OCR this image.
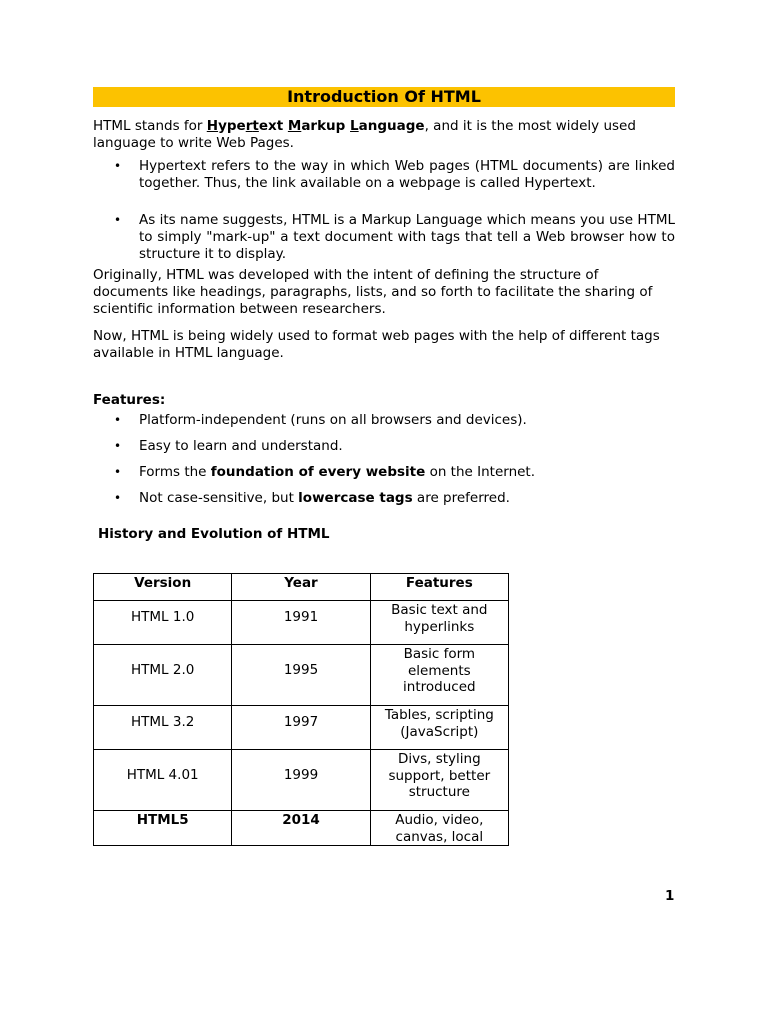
Introduction Of HTML

HTML stands for Hypertext Markup Language, and it is the most widely used language to write Web Pages.

• Hypertext refers to the way in which Web pages (HTML documents) are linked together. Thus, the link available on a webpage is called Hypertext.
• As its name suggests, HTML is a Markup Language which means you use HTML to simply "mark-up" a text document with tags that tell a Web browser how to structure it to display.

Originally, HTML was developed with the intent of defining the structure of documents like headings, paragraphs, lists, and so forth to facilitate the sharing of scientific information between researchers.

Now, HTML is being widely used to format web pages with the help of different tags available in HTML language.

Features:

• Platform-independent (runs on all browsers and devices).
• Easy to learn and understand.
• Forms the foundation of every website on the Internet.
• Not case-sensitive, but lowercase tags are preferred.

History and Evolution of HTML

Version	Year	Features
HTML 1.0	1991	Basic text and hyperlinks
HTML 2.0	1995	Basic form elements introduced
HTML 3.2	1997	Tables, scripting (JavaScript)
HTML 4.01	1999	Divs, styling support, better structure
HTML5	2014	Audio, video, canvas, local
1
